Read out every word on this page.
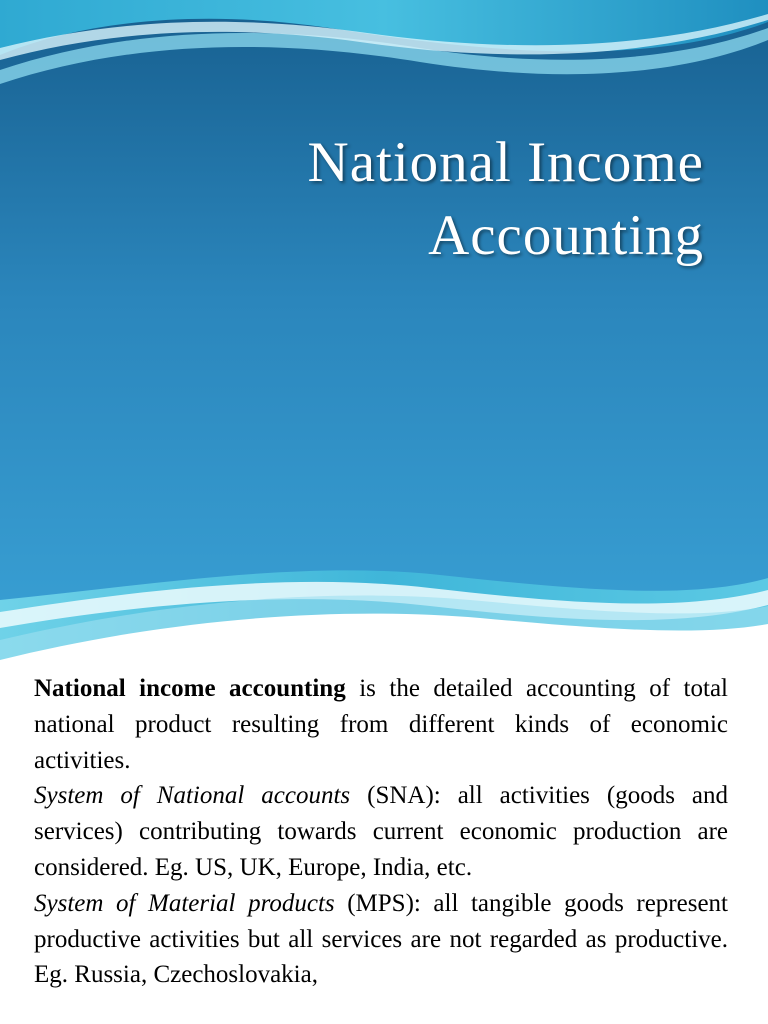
National Income
Accounting

National income accounting is the detailed accounting of total national product resulting from different kinds of economic activities.

System of National accounts (SNA): all activities (goods and services) contributing towards current economic production are considered. Eg. US, UK, Europe, India, etc.

System of Material products (MPS): all tangible goods represent productive activities but all services are not regarded as productive. Eg. Russia, Czechoslovakia,
